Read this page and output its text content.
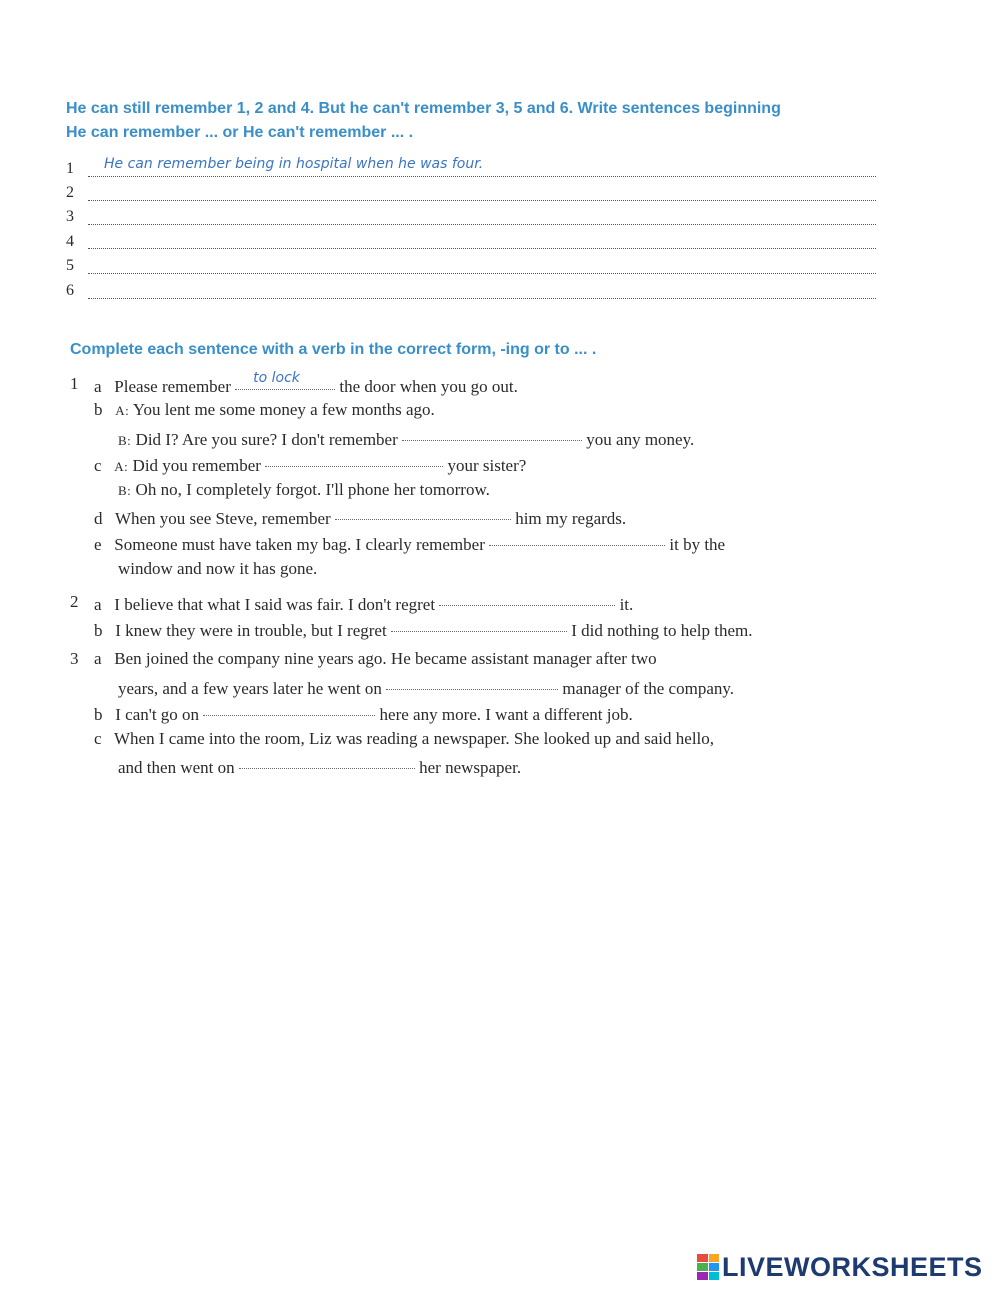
He can still remember 1, 2 and 4. But he can't remember 3, 5 and 6. Write sentences beginning
He can remember ... or He can't remember ... .
1 He can remember being in hospital when he was four.
2
3
4
5
6
Complete each sentence with a verb in the correct form, -ing or to ... .
1 a Please remember to lock the door when you go out.
b A: You lent me some money a few months ago.
B: Did I? Are you sure? I don't remember	you any money.
c A: Did you remember	your sister?
B: Oh no, I completely forgot. I'll phone her tomorrow.
d When you see Steve, remember	him my regards.
e Someone must have taken my bag. I clearly remember	it by the
window and now it has gone.
2 a I believe that what I said was fair. I don't regret	it.
b I knew they were in trouble, but I regret	I did nothing to help them.
3 a Ben joined the company nine years ago. He became assistant manager after two
years, and a few years later he went on	manager of the company.
b I can't go on	here any more. I want a different job.
c When I came into the room, Liz was reading a newspaper. She looked up and said hello,
and then went on	her newspaper.
LIVEWORKSHEETS
